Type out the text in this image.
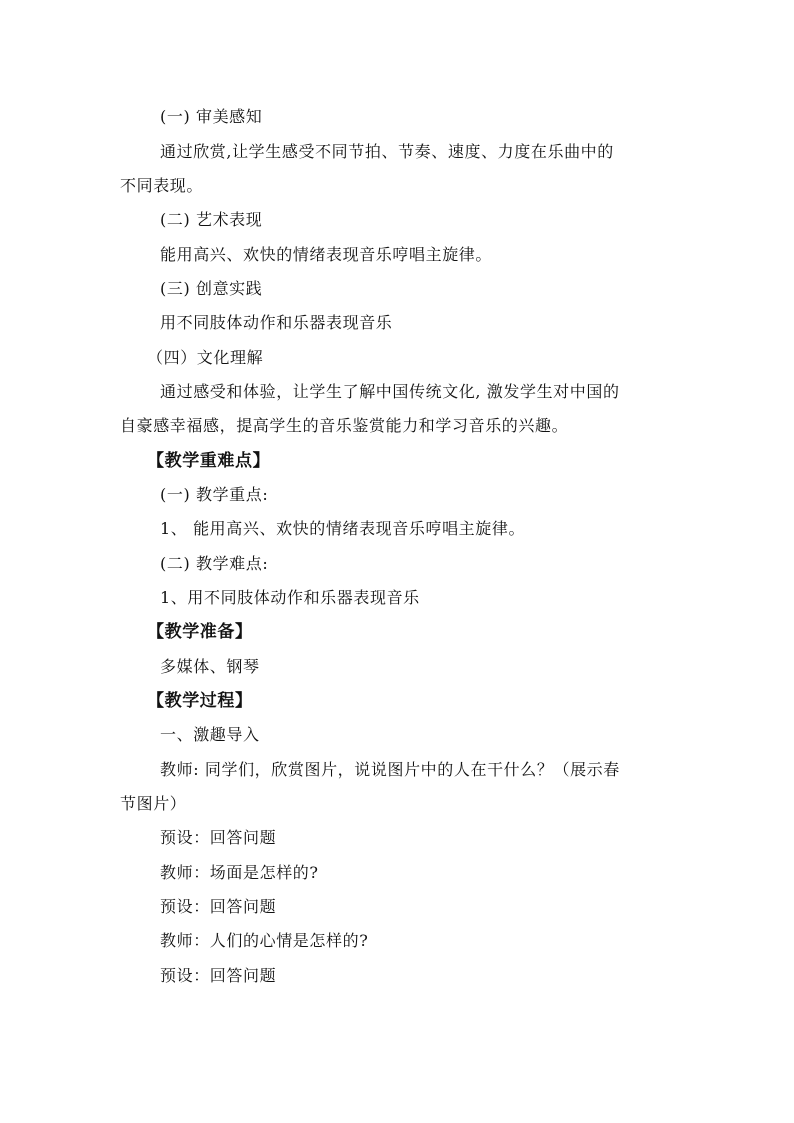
(一) 审美感知
通过欣赏,让学生感受不同节拍、节奏、速度、力度在乐曲中的
不同表现。
(二) 艺术表现
能用高兴、欢快的情绪表现音乐哼唱主旋律。
(三) 创意实践
用不同肢体动作和乐器表现音乐
（四）文化理解
通过感受和体验，让学生了解中国传统文化, 激发学生对中国的
自豪感幸福感，提高学生的音乐鉴赏能力和学习音乐的兴趣。
【教学重难点】
(一) 教学重点:
1、 能用高兴、欢快的情绪表现音乐哼唱主旋律。
(二) 教学难点:
1、用不同肢体动作和乐器表现音乐
【教学准备】
多媒体、钢琴
【教学过程】
一、激趣导入
教师: 同学们，欣赏图片，说说图片中的人在干什么？（展示春
节图片）
预设：回答问题
教师：场面是怎样的?
预设：回答问题
教师：人们的心情是怎样的?
预设：回答问题
